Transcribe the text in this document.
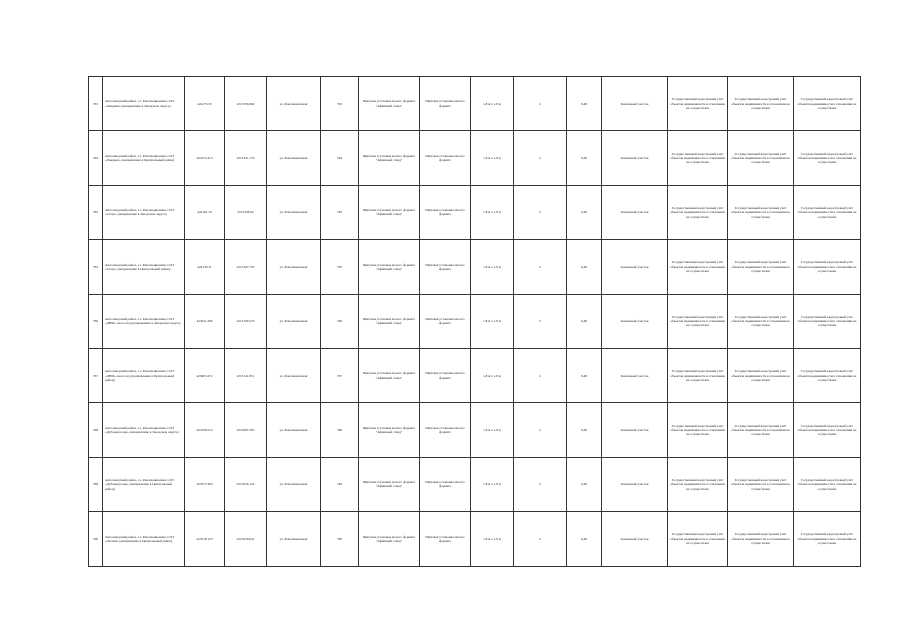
763	Автозаводский район, з.з. Революционная, СОТ «Ландыш» (направление в Заводском округе)	424173.33	2213356.962	ул. Революционная	763	Щитовая установка малого формата "Афишный стенд"	Щитовая установка малого формата	1,8 м х 1,8 м	2	6,48	Земельный участок	Государственный кадастровый учёт объектов недвижимости в отношении не осуществлен	Государственный кадастровый учёт объектов недвижимости в отношении не осуществлен	Государственный кадастровый учёт объектов недвижимости в отношении не осуществлен
764	Автозаводский район, з.з. Революционная, СОТ «Ландыш» (направление в Центральный район)	424173.413	2213341.179	ул. Революционная	764	Щитовая установка малого формата "Афишный стенд"	Щитовая установка малого формата	1,8 м х 1,8 м	2	6,48	Земельный участок	Государственный кадастровый учёт объектов недвижимости в отношении не осуществлен	Государственный кадастровый учёт объектов недвижимости в отношении не осуществлен	Государственный кадастровый учёт объектов недвижимости в отношении не осуществлен
765	Автозаводский район, з.з. Революционная, СОТ «Старт» (направление в Заводском округе)	424161.76	2213258.94	ул. Революционная	765	Щитовая установка малого формата "Афишный стенд"	Щитовая установка малого формата	1,8 м х 1,8 м	2	6,48	Земельный участок	Государственный кадастровый учёт объектов недвижимости в отношении не осуществлен	Государственный кадастровый учёт объектов недвижимости в отношении не осуществлен	Государственный кадастровый учёт объектов недвижимости в отношении не осуществлен
765	Автозаводский район, з.з. Революционная, СОТ «Старт» (направление в Центральный район)	424136.31	2213167.795	ул. Революционная	765	Щитовая установка малого формата "Афишный стенд"	Щитовая установка малого формата	1,8 м х 1,8 м	2	6,48	Земельный участок	Государственный кадастровый учёт объектов недвижимости в отношении не осуществлен	Государственный кадастровый учёт объектов недвижимости в отношении не осуществлен	Государственный кадастровый учёт объектов недвижимости в отношении не осуществлен
766	Автозаводский район, з.з. Революционная, СОТ «ДНИ» около ж/д (направление в Заводском округе)	423611.406	2213109.523	ул. Революционная	766	Щитовая установка малого формата "Афишный стенд"	Щитовая установка малого формата	1,8 м х 1,8 м	2	6,48	Земельный участок	Государственный кадастровый учёт объектов недвижимости в отношении не осуществлен	Государственный кадастровый учёт объектов недвижимости в отношении не осуществлен	Государственный кадастровый учёт объектов недвижимости в отношении не осуществлен
767	Автозаводский район, з.з. Революционная, СОТ «ДНИ» около ж/д (направление в Центральный район)	423603.272	2213141.851	ул. Революционная	767	Щитовая установка малого формата "Афишный стенд"	Щитовая установка малого формата	1,8 м х 1,8 м	2	6,48	Земельный участок	Государственный кадастровый учёт объектов недвижимости в отношении не осуществлен	Государственный кадастровый учёт объектов недвижимости в отношении не осуществлен	Государственный кадастровый учёт объектов недвижимости в отношении не осуществлен
768	Автозаводский район, з.з. Революционная, СОТ «Дубовая роща» (направление в Заводском округе)	423358.513	2213067.363	ул. Революционная	768	Щитовая установка малого формата "Афишный стенд"	Щитовая установка малого формата	1,8 м х 1,8 м	2	6,48	Земельный участок	Государственный кадастровый учёт объектов недвижимости в отношении не осуществлен	Государственный кадастровый учёт объектов недвижимости в отношении не осуществлен	Государственный кадастровый учёт объектов недвижимости в отношении не осуществлен
769	Автозаводский район, з.з. Революционная, СОТ «Дубовая роща» (направление в Центральный район)	423377.263	2213034.122	ул. Революционная	769	Щитовая установка малого формата "Афишный стенд"	Щитовая установка малого формата	1,8 м х 1,8 м	2	6,48	Земельный участок	Государственный кадастровый учёт объектов недвижимости в отношении не осуществлен	Государственный кадастровый учёт объектов недвижимости в отношении не осуществлен	Государственный кадастровый учёт объектов недвижимости в отношении не осуществлен
790	Автозаводский район, з.з. Революционная, СОТ «Лесная» (направление в Центральный район)	423518.123	2215979.641	ул. Революционная	790	Щитовая установка малого формата "Афишный стенд"	Щитовая установка малого формата	1,8 м х 1,8 м	2	6,48	Земельный участок	Государственный кадастровый учёт объектов недвижимости в отношении не осуществлен	Государственный кадастровый учёт объектов недвижимости в отношении не осуществлен	Государственный кадастровый учёт объектов недвижимости в отношении не осуществлен
